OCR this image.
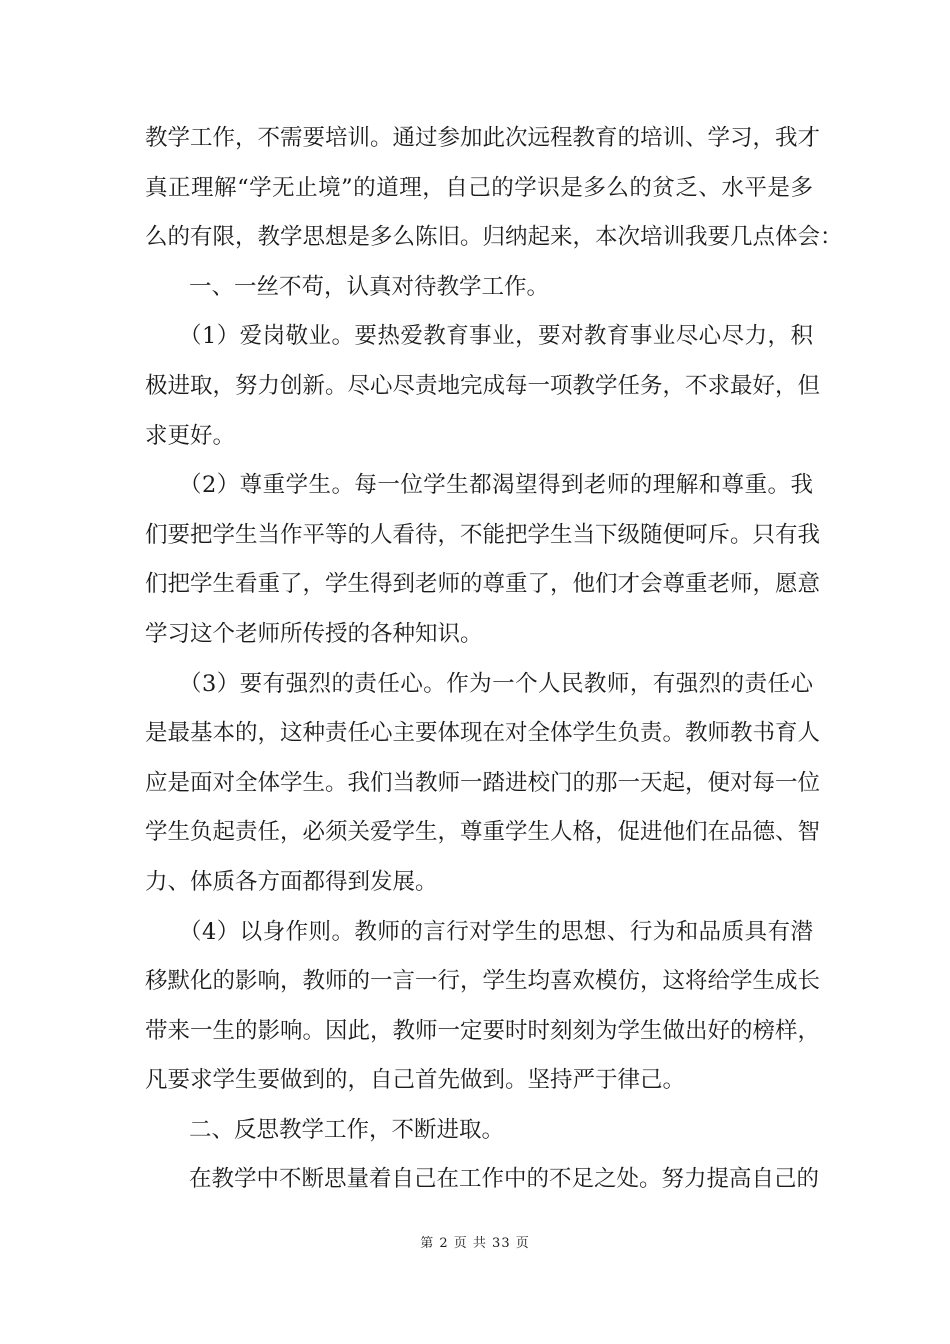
教学工作，不需要培训。通过参加此次远程教育的培训、学习，我才
真正理解“学无止境”的道理，自己的学识是多么的贫乏、水平是多
么的有限，教学思想是多么陈旧。归纳起来，本次培训我要几点体会：
一、一丝不苟，认真对待教学工作。
（1）爱岗敬业。要热爱教育事业，要对教育事业尽心尽力，积
极进取，努力创新。尽心尽责地完成每一项教学任务，不求最好，但
求更好。
（2）尊重学生。每一位学生都渴望得到老师的理解和尊重。我
们要把学生当作平等的人看待，不能把学生当下级随便呵斥。只有我
们把学生看重了，学生得到老师的尊重了，他们才会尊重老师，愿意
学习这个老师所传授的各种知识。
（3）要有强烈的责任心。作为一个人民教师，有强烈的责任心
是最基本的，这种责任心主要体现在对全体学生负责。教师教书育人
应是面对全体学生。我们当教师一踏进校门的那一天起，便对每一位
学生负起责任，必须关爱学生，尊重学生人格，促进他们在品德、智
力、体质各方面都得到发展。
（4）以身作则。教师的言行对学生的思想、行为和品质具有潜
移默化的影响，教师的一言一行，学生均喜欢模仿，这将给学生成长
带来一生的影响。因此，教师一定要时时刻刻为学生做出好的榜样，
凡要求学生要做到的，自己首先做到。坚持严于律己。
二、反思教学工作，不断进取。
在教学中不断思量着自己在工作中的不足之处。努力提高自己的
第 2 页 共 33 页
